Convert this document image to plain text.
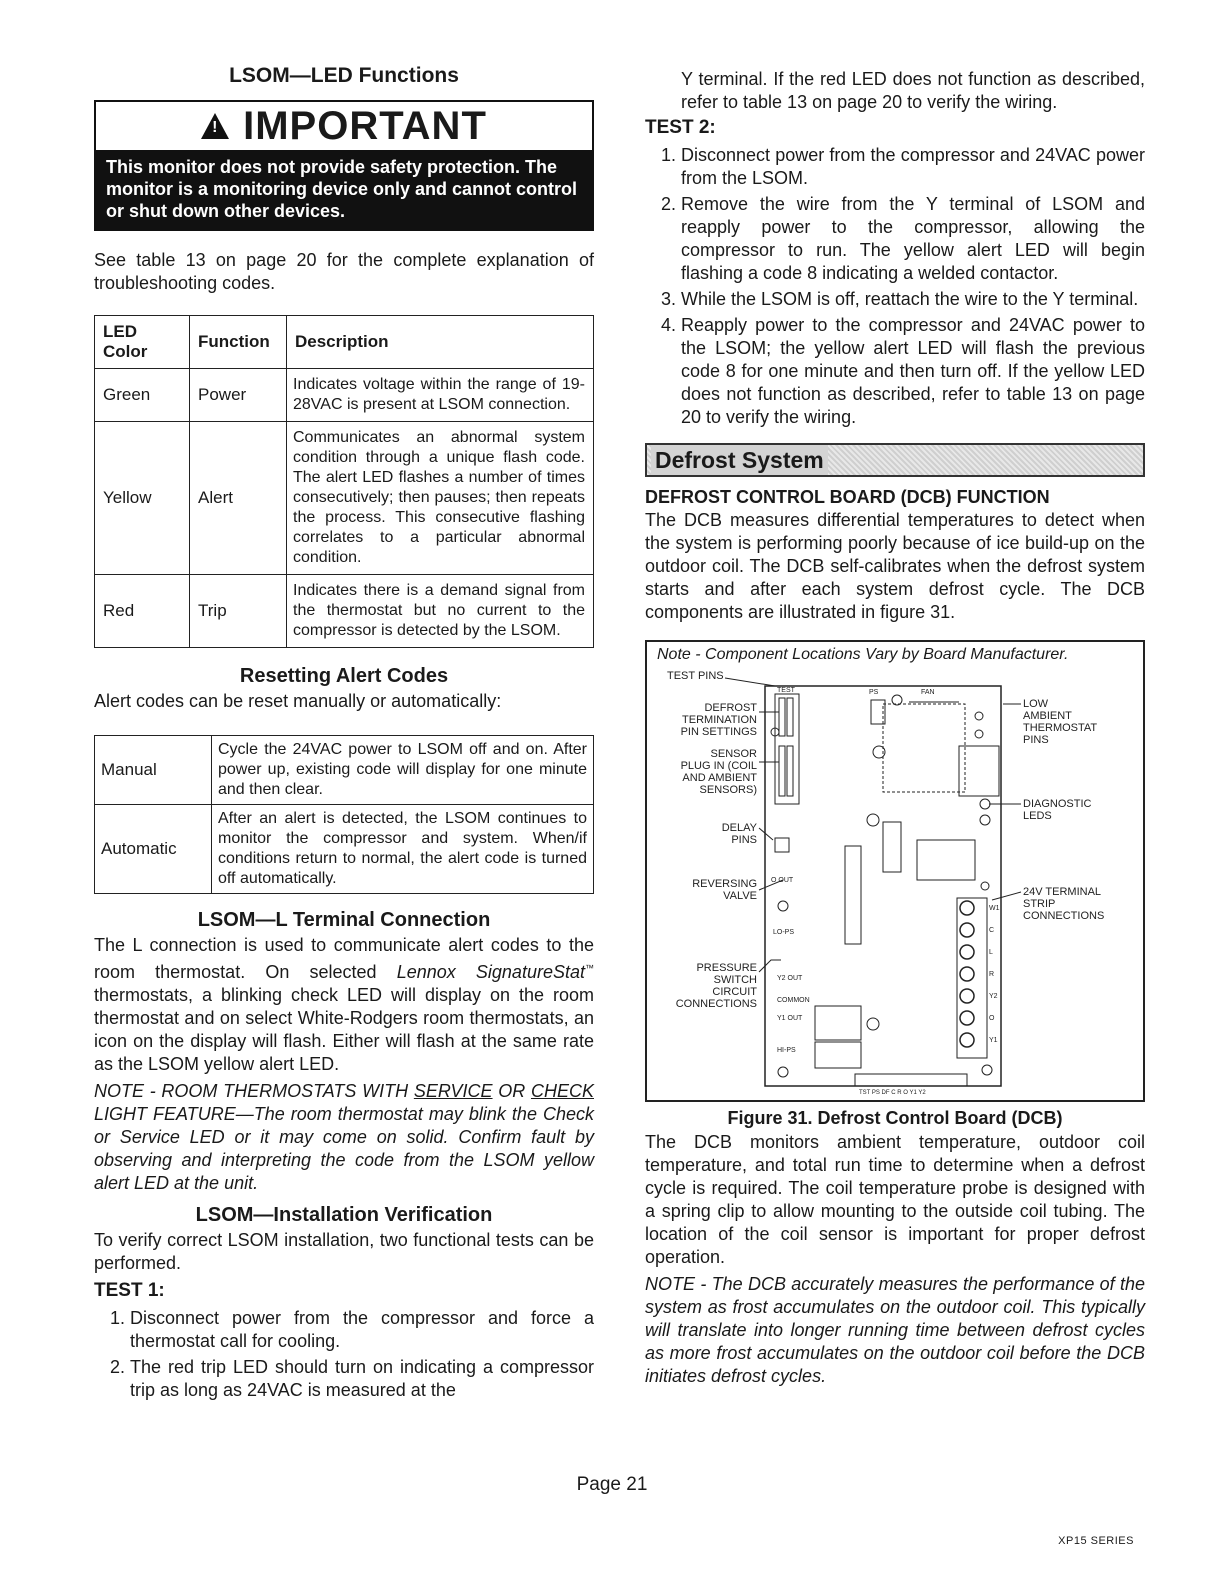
LSOM—LED Functions
! IMPORTANT
This monitor does not provide safety protection. The monitor is a monitoring device only and cannot control or shut down other devices.

See table 13 on page 20 for the complete explanation of troubleshooting codes.

LED Color	Function	Description
Green	Power	Indicates voltage within the range of 19-28VAC is present at LSOM connection.
Yellow	Alert	Communicates an abnormal system condition through a unique flash code. The alert LED flashes a number of times consecutively; then pauses; then repeats the process. This consecutive flashing correlates to a particular abnormal condition.
Red	Trip	Indicates there is a demand signal from the thermostat but no current to the compressor is detected by the LSOM.
Resetting Alert Codes

Alert codes can be reset manually or automatically:

Manual	Cycle the 24VAC power to LSOM off and on. After power up, existing code will display for one minute and then clear.
Automatic	After an alert is detected, the LSOM continues to monitor the compressor and system. When/if conditions return to normal, the alert code is turned off automatically.
LSOM—L Terminal Connection

The L connection is used to communicate alert codes to the room thermostat. On selected Lennox SignatureStat™ thermostats, a blinking check LED will display on the room thermostat and on select White-Rodgers room thermostats, an icon on the display will flash. Either will flash at the same rate as the LSOM yellow alert LED.

NOTE - ROOM THERMOSTATS WITH SERVICE OR CHECK LIGHT FEATURE—The room thermostat may blink the Check or Service LED or it may come on solid. Confirm fault by observing and interpreting the code from the LSOM yellow alert LED at the unit.

LSOM—Installation Verification

To verify correct LSOM installation, two functional tests can be performed.

TEST 1:
1. Disconnect power from the compressor and force a thermostat call for cooling.
2. The red trip LED should turn on indicating a compressor trip as long as 24VAC is measured at the

Y terminal. If the red LED does not function as described, refer to table 13 on page 20 to verify the wiring.

TEST 2:
1. Disconnect power from the compressor and 24VAC power from the LSOM.
2. Remove the wire from the Y terminal of LSOM and reapply power to the compressor, allowing the compressor to run. The yellow alert LED will begin flashing a code 8 indicating a welded contactor.
3. While the LSOM is off, reattach the wire to the Y terminal.
4. Reapply power to the compressor and 24VAC power to the LSOM; the yellow alert LED will flash the previous code 8 for one minute and then turn off. If the yellow LED does not function as described, refer to table 13 on page 20 to verify the wiring.
Defrost System
DEFROST CONTROL BOARD (DCB) FUNCTION

The DCB measures differential temperatures to detect when the system is performing poorly because of ice build-up on the outdoor coil. The DCB self-calibrates when the defrost system starts and after each system defrost cycle. The DCB components are illustrated in figure 31.

Note - Component Locations Vary by Board Manufacturer.
TEST PINS
DEFROST
TERMINATION
PIN SETTINGS
SENSOR
PLUG IN (COIL
AND AMBIENT
SENSORS)
DELAY
PINS
REVERSING
VALVE
PRESSURE
SWITCH
CIRCUIT
CONNECTIONS
LOW
AMBIENT
THERMOSTAT
PINS
DIAGNOSTIC
LEDS
24V TERMINAL
STRIP
CONNECTIONS
TEST	PS	FAN
O OUT
LO-PS
Y2 OUT
COMMON
Y1 OUT
HI-PS
W1
C
L
R
Y2
O
Y1
TST PS DF C R O Y1 Y2
Figure 31. Defrost Control Board (DCB)

The DCB monitors ambient temperature, outdoor coil temperature, and total run time to determine when a defrost cycle is required. The coil temperature probe is designed with a spring clip to allow mounting to the outside coil tubing. The location of the coil sensor is important for proper defrost operation.

NOTE - The DCB accurately measures the performance of the system as frost accumulates on the outdoor coil. This typically will translate into longer running time between defrost cycles as more frost accumulates on the outdoor coil before the DCB initiates defrost cycles.

Page 21
XP15 SERIES
